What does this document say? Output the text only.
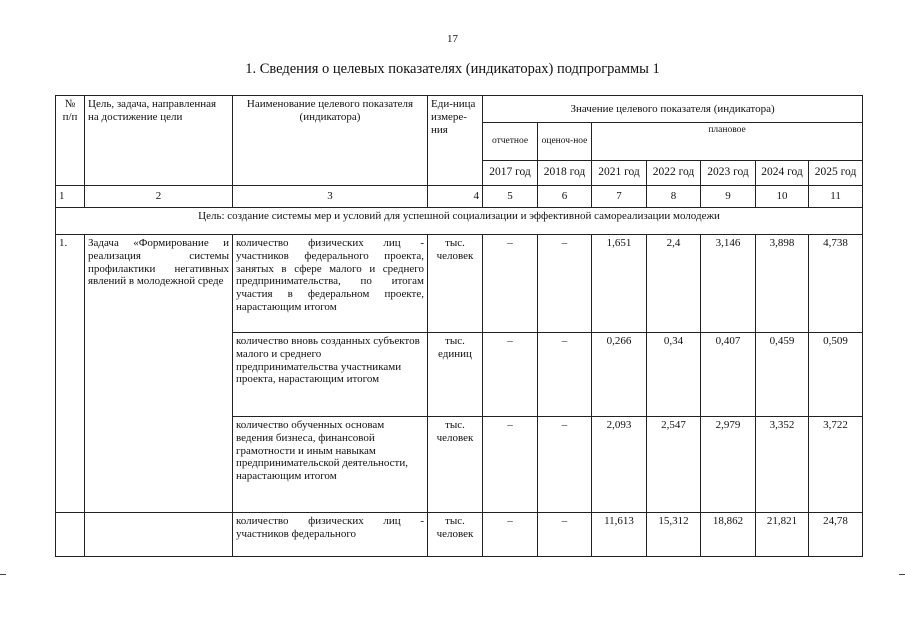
17
1. Сведения о целевых показателях (индикаторах) подпрограммы 1
№ п/п	Цель, задача, направленная на достижение цели	Наименование целевого показателя (индикатора)	Еди-ница измере-ния	Значение целевого показателя (индикатора)						
				отчетное	оценоч-ное	плановое				
				2017 год	2018 год	2021 год	2022 год	2023 год	2024 год	2025 год
1	2	3	4	5	6	7	8	9	10	11
Цель: создание системы мер и условий для успешной социализации и эффективной самореализации молодежи										
1.	Задача «Формирование и реализация системы профилактики негативных явлений в молодежной среде	количество физических лиц - участников федерального проекта, занятых в сфере малого и среднего предпринимательства, по итогам участия в федеральном проекте, нарастающим итогом	тыс. человек	–	–	1,651	2,4	3,146	3,898	4,738
		количество вновь созданных субъектов малого и среднего предпринимательства участниками проекта, нарастающим итогом	тыс. единиц	–	–	0,266	0,34	0,407	0,459	0,509
		количество обученных основам ведения бизнеса, финансовой грамотности и иным навыкам предпринимательской деятельности, нарастающим итогом	тыс. человек	–	–	2,093	2,547	2,979	3,352	3,722
		количество физических лиц - участников федерального	тыс. человек	–	–	11,613	15,312	18,862	21,821	24,78
